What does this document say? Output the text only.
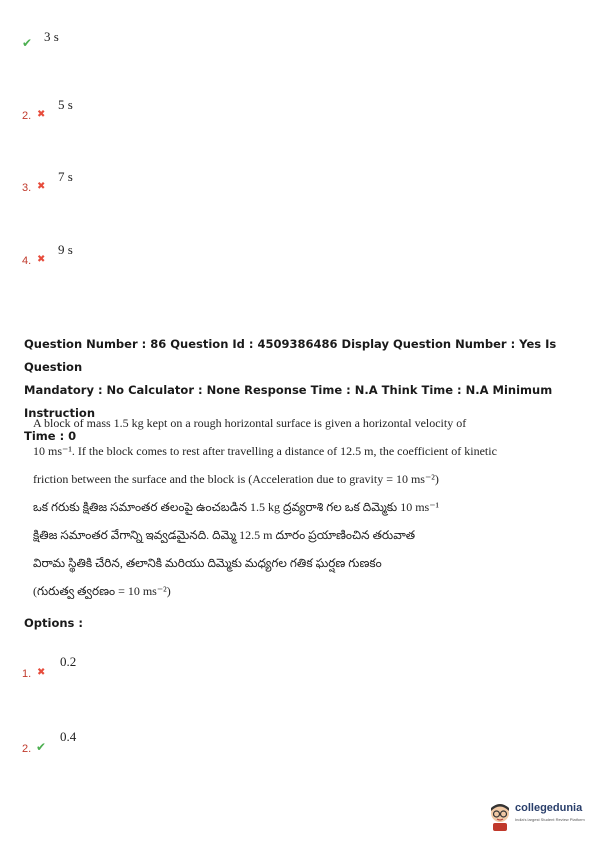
✔ 3 s
2. ✖
5 s
3. ✖
7 s
4. ✖
9 s
Question Number : 86 Question Id : 4509386486 Display Question Number : Yes Is Question
Mandatory : No Calculator : None Response Time : N.A Think Time : N.A Minimum Instruction
Time : 0
A block of mass 1.5 kg kept on a rough horizontal surface is given a horizontal velocity of
10 ms⁻¹. If the block comes to rest after travelling a distance of 12.5 m, the coefficient of kinetic
friction between the surface and the block is (Acceleration due to gravity = 10 ms⁻²)
ఒక గరుకు క్షితిజ సమాంతర తలంపై ఉంచబడిన 1.5 kg ద్రవ్యరాశి గల ఒక దిమ్మెకు 10 ms⁻¹
క్షితిజ సమాంతర వేగాన్ని ఇవ్వడమైనది. దిమ్మె 12.5 m దూరం ప్రయాణించిన తరువాత
విరామ స్థితికి చేరిన, తలానికి మరియు దిమ్మెకు మధ్యగల గతిక ఘర్షణ గుణకం
(గురుత్వ త్వరణం = 10 ms⁻²)
Options :
1. ✖
0.2
2. ✔
0.4
collegedunia
India's largest Student Review Platform
